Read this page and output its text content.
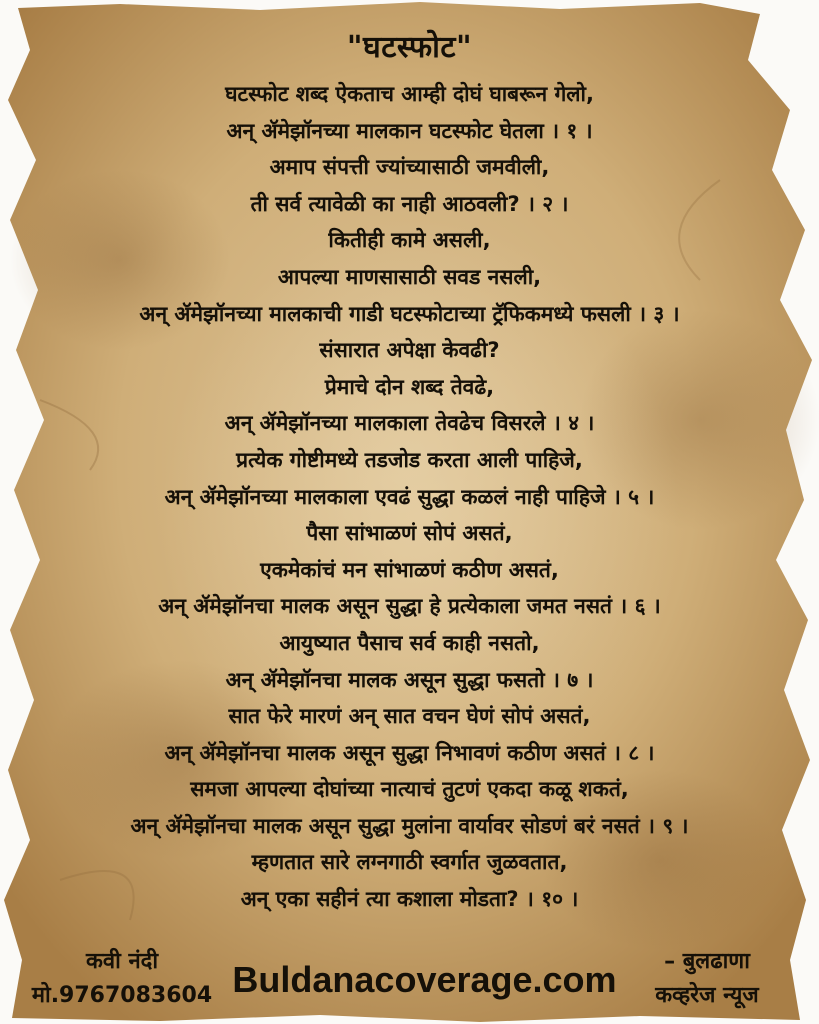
"घटस्फोट"
घटस्फोट शब्द ऐकताच आम्ही दोघं घाबरून गेलो,
अन् ॲमेझॉनच्या मालकान घटस्फोट घेतला । १ ।
अमाप संपत्ती ज्यांच्यासाठी जमवीली,
ती सर्व त्यावेळी का नाही आठवली? । २ ।
कितीही कामे असली,
आपल्या माणसासाठी सवड नसली,
अन् ॲमेझॉनच्या मालकाची गाडी घटस्फोटाच्या ट्रॅफिकमध्ये फसली । ३ ।
संसारात अपेक्षा केवढी?
प्रेमाचे दोन शब्द तेवढे,
अन् ॲमेझॉनच्या मालकाला तेवढेच विसरले । ४ ।
प्रत्येक गोष्टीमध्ये तडजोड करता आली पाहिजे,
अन् ॲमेझॉनच्या मालकाला एवढं सुद्धा कळलं नाही पाहिजे । ५ ।
पैसा सांभाळणं सोपं असतं,
एकमेकांचं मन सांभाळणं कठीण असतं,
अन् ॲमेझॉनचा मालक असून सुद्धा हे प्रत्येकाला जमत नसतं । ६ ।
आयुष्यात पैसाच सर्व काही नसतो,
अन् ॲमेझॉनचा मालक असून सुद्धा फसतो । ७ ।
सात फेरे मारणं अन् सात वचन घेणं सोपं असतं,
अन् ॲमेझॉनचा मालक असून सुद्धा निभावणं कठीण असतं । ८ ।
समजा आपल्या दोघांच्या नात्याचं तुटणं एकदा कळू शकतं,
अन् ॲमेझॉनचा मालक असून सुद्धा मुलांना वार्यावर सोडणं बरं नसतं । ९ ।
म्हणतात सारे लग्नगाठी स्वर्गात जुळवतात,
अन् एका सहीनं त्या कशाला मोडता? । १० ।
कवी नंदी
मो.9767083604 Buldanacoverage.com	– बुलढाणा
कव्हरेज न्यूज
